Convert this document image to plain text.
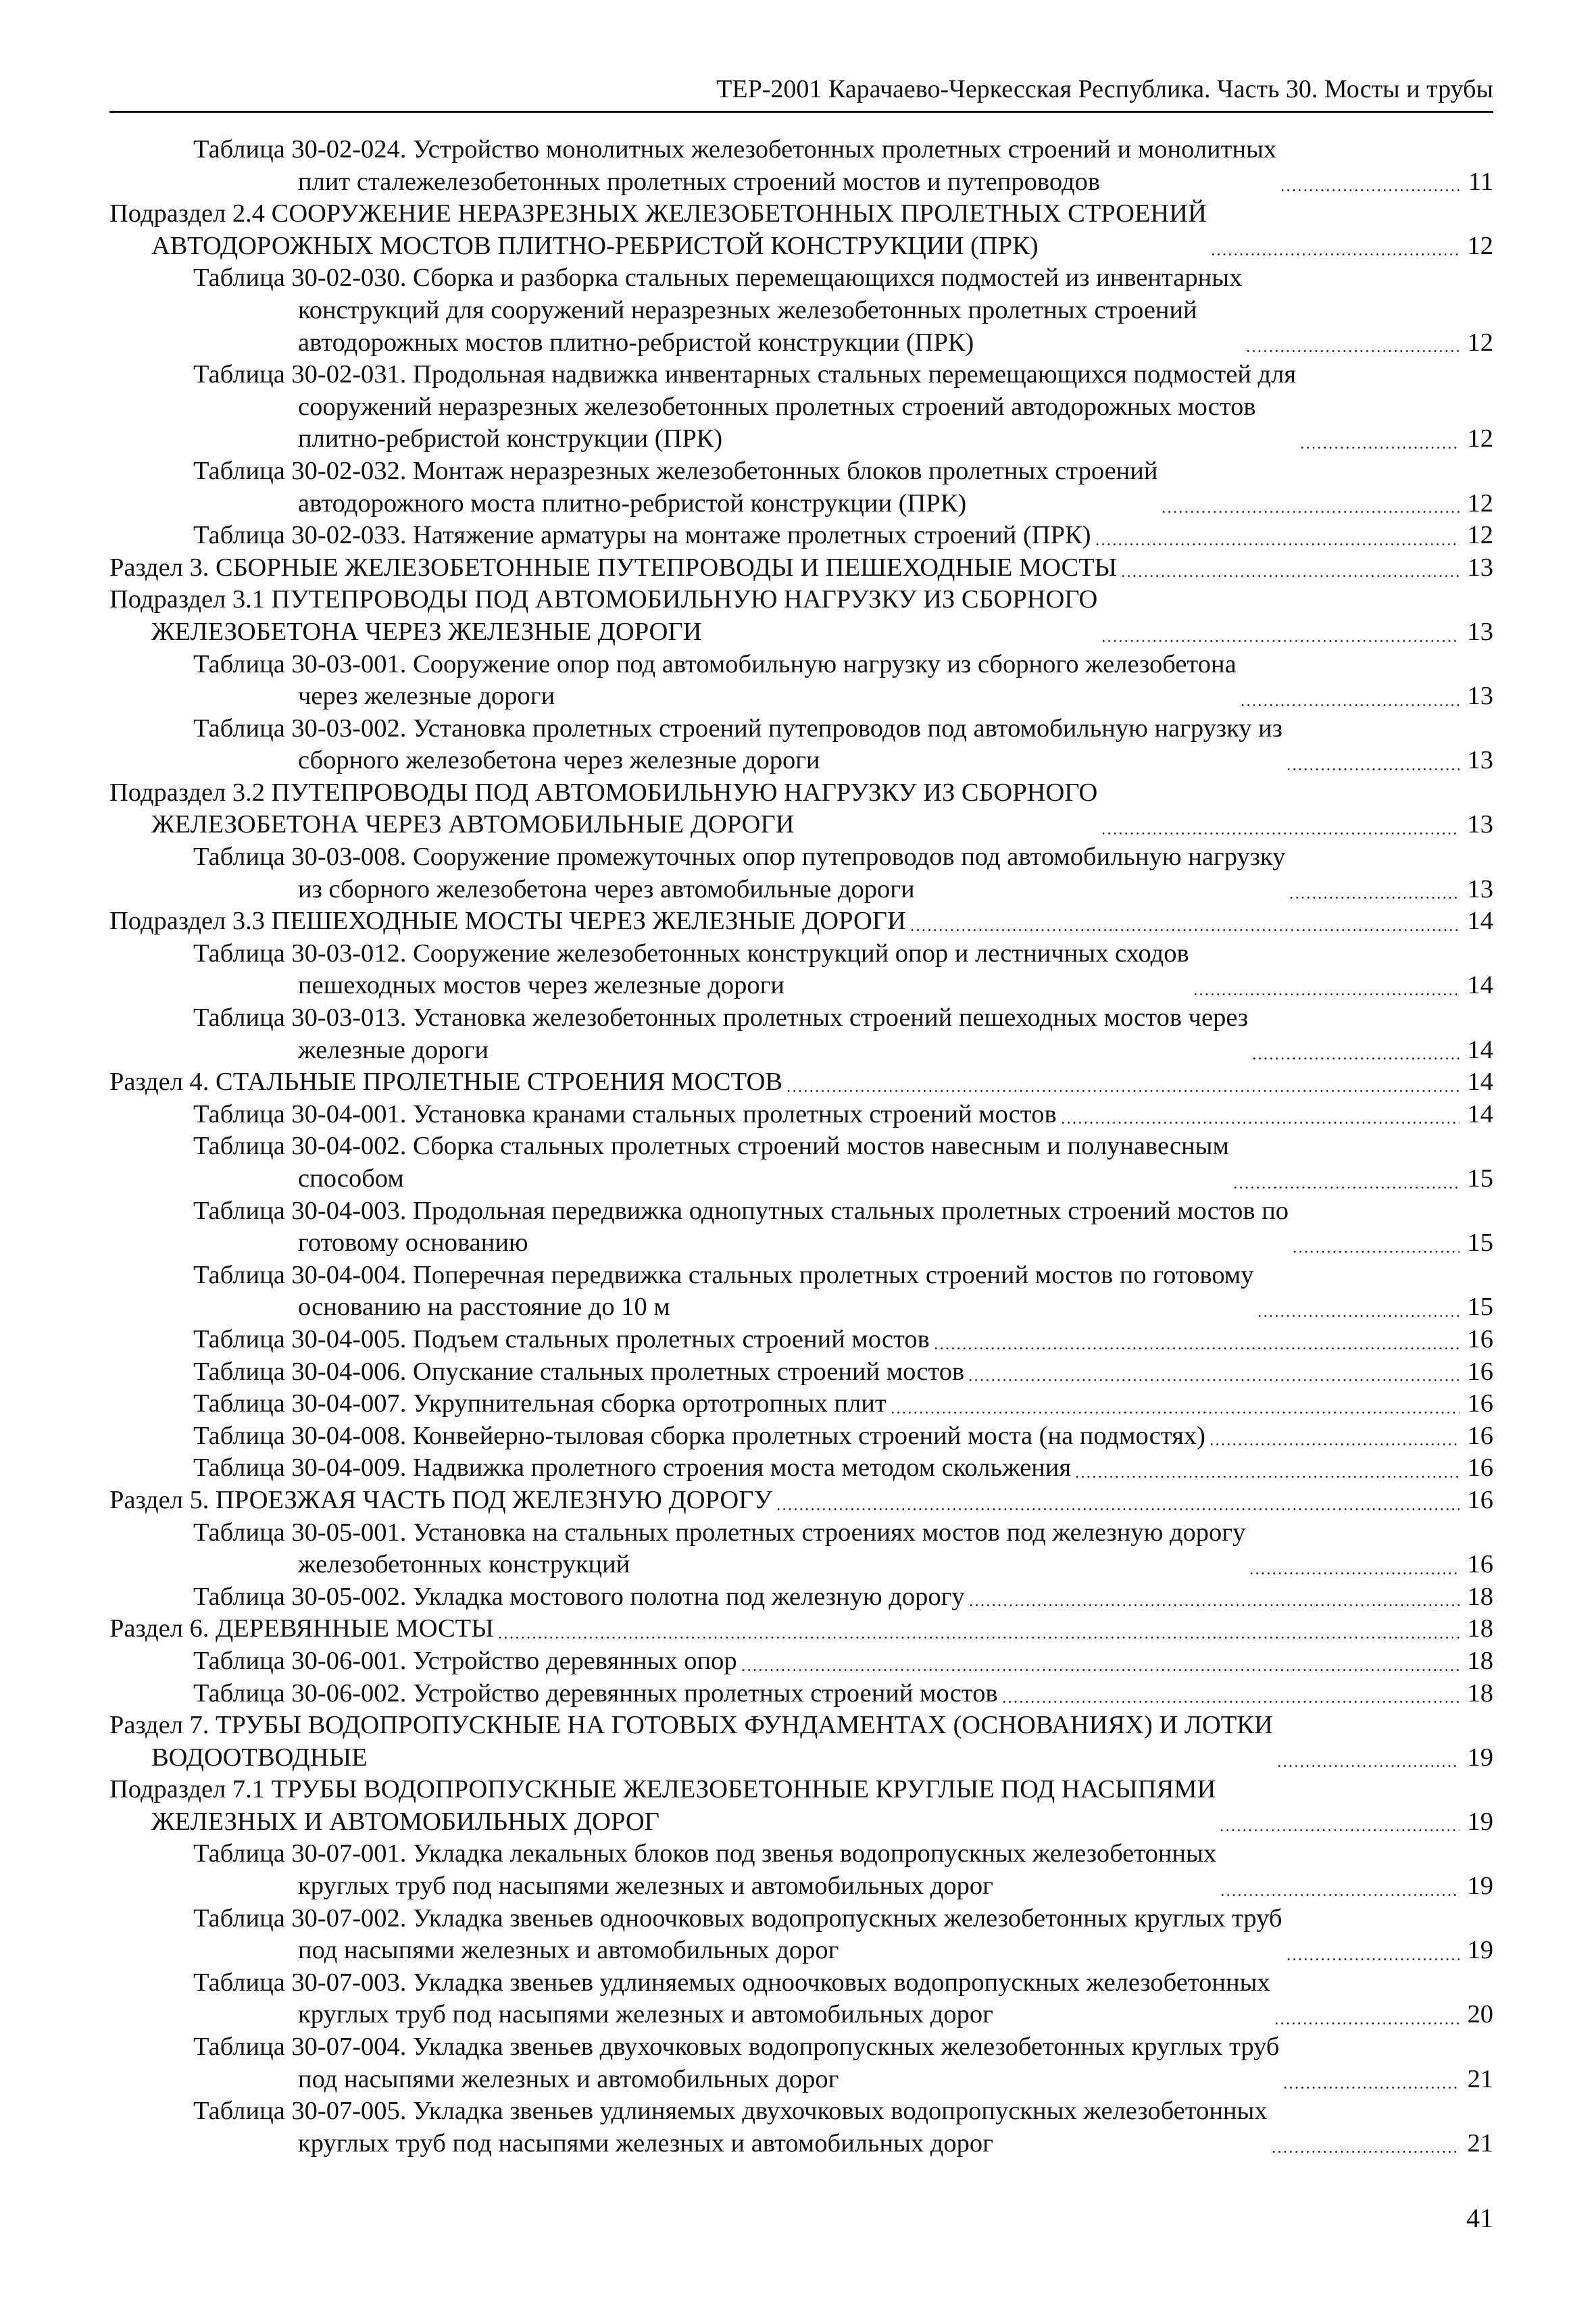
ТЕР-2001 Карачаево-Черкесская Республика. Часть 30. Мосты и трубы
Таблица 30-02-024. Устройство монолитных железобетонных пролетных строений и монолитных
плит сталежелезобетонных пролетных строений мостов и путепроводов	11
Подраздел 2.4 СООРУЖЕНИЕ НЕРАЗРЕЗНЫХ ЖЕЛЕЗОБЕТОННЫХ ПРОЛЕТНЫХ СТРОЕНИЙ
АВТОДОРОЖНЫХ МОСТОВ ПЛИТНО-РЕБРИСТОЙ КОНСТРУКЦИИ (ПРК)	12
Таблица 30-02-030. Сборка и разборка стальных перемещающихся подмостей из инвентарных
конструкций для сооружений неразрезных железобетонных пролетных строений
автодорожных мостов плитно-ребристой конструкции (ПРК)	12
Таблица 30-02-031. Продольная надвижка инвентарных стальных перемещающихся подмостей для
сооружений неразрезных железобетонных пролетных строений автодорожных мостов
плитно-ребристой конструкции (ПРК)	12
Таблица 30-02-032. Монтаж неразрезных железобетонных блоков пролетных строений
автодорожного моста плитно-ребристой конструкции (ПРК)	12
Таблица 30-02-033. Натяжение арматуры на монтаже пролетных строений (ПРК)	12
Раздел 3. СБОРНЫЕ ЖЕЛЕЗОБЕТОННЫЕ ПУТЕПРОВОДЫ И ПЕШЕХОДНЫЕ МОСТЫ	13
Подраздел 3.1 ПУТЕПРОВОДЫ ПОД АВТОМОБИЛЬНУЮ НАГРУЗКУ ИЗ СБОРНОГО
ЖЕЛЕЗОБЕТОНА ЧЕРЕЗ ЖЕЛЕЗНЫЕ ДОРОГИ	13
Таблица 30-03-001. Сооружение опор под автомобильную нагрузку из сборного железобетона
через железные дороги	13
Таблица 30-03-002. Установка пролетных строений путепроводов под автомобильную нагрузку из
сборного железобетона через железные дороги	13
Подраздел 3.2 ПУТЕПРОВОДЫ ПОД АВТОМОБИЛЬНУЮ НАГРУЗКУ ИЗ СБОРНОГО
ЖЕЛЕЗОБЕТОНА ЧЕРЕЗ АВТОМОБИЛЬНЫЕ ДОРОГИ	13
Таблица 30-03-008. Сооружение промежуточных опор путепроводов под автомобильную нагрузку
из сборного железобетона через автомобильные дороги	13
Подраздел 3.3 ПЕШЕХОДНЫЕ МОСТЫ ЧЕРЕЗ ЖЕЛЕЗНЫЕ ДОРОГИ	14
Таблица 30-03-012. Сооружение железобетонных конструкций опор и лестничных сходов
пешеходных мостов через железные дороги	14
Таблица 30-03-013. Установка железобетонных пролетных строений пешеходных мостов через
железные дороги	14
Раздел 4. СТАЛЬНЫЕ ПРОЛЕТНЫЕ СТРОЕНИЯ МОСТОВ	14
Таблица 30-04-001. Установка кранами стальных пролетных строений мостов	14
Таблица 30-04-002. Сборка стальных пролетных строений мостов навесным и полунавесным
способом	15
Таблица 30-04-003. Продольная передвижка однопутных стальных пролетных строений мостов по
готовому основанию	15
Таблица 30-04-004. Поперечная передвижка стальных пролетных строений мостов по готовому
основанию на расстояние до 10 м	15
Таблица 30-04-005. Подъем стальных пролетных строений мостов	16
Таблица 30-04-006. Опускание стальных пролетных строений мостов	16
Таблица 30-04-007. Укрупнительная сборка ортотропных плит	16
Таблица 30-04-008. Конвейерно-тыловая сборка пролетных строений моста (на подмостях)	16
Таблица 30-04-009. Надвижка пролетного строения моста методом скольжения	16
Раздел 5. ПРОЕЗЖАЯ ЧАСТЬ ПОД ЖЕЛЕЗНУЮ ДОРОГУ	16
Таблица 30-05-001. Установка на стальных пролетных строениях мостов под железную дорогу
железобетонных конструкций	16
Таблица 30-05-002. Укладка мостового полотна под железную дорогу	18
Раздел 6. ДЕРЕВЯННЫЕ МОСТЫ	18
Таблица 30-06-001. Устройство деревянных опор	18
Таблица 30-06-002. Устройство деревянных пролетных строений мостов	18
Раздел 7. ТРУБЫ ВОДОПРОПУСКНЫЕ НА ГОТОВЫХ ФУНДАМЕНТАХ (ОСНОВАНИЯХ) И ЛОТКИ
ВОДООТВОДНЫЕ	19
Подраздел 7.1 ТРУБЫ ВОДОПРОПУСКНЫЕ ЖЕЛЕЗОБЕТОННЫЕ КРУГЛЫЕ ПОД НАСЫПЯМИ
ЖЕЛЕЗНЫХ И АВТОМОБИЛЬНЫХ ДОРОГ	19
Таблица 30-07-001. Укладка лекальных блоков под звенья водопропускных железобетонных
круглых труб под насыпями железных и автомобильных дорог	19
Таблица 30-07-002. Укладка звеньев одноочковых водопропускных железобетонных круглых труб
под насыпями железных и автомобильных дорог	19
Таблица 30-07-003. Укладка звеньев удлиняемых одноочковых водопропускных железобетонных
круглых труб под насыпями железных и автомобильных дорог	20
Таблица 30-07-004. Укладка звеньев двухочковых водопропускных железобетонных круглых труб
под насыпями железных и автомобильных дорог	21
Таблица 30-07-005. Укладка звеньев удлиняемых двухочковых водопропускных железобетонных
круглых труб под насыпями железных и автомобильных дорог	21
41
